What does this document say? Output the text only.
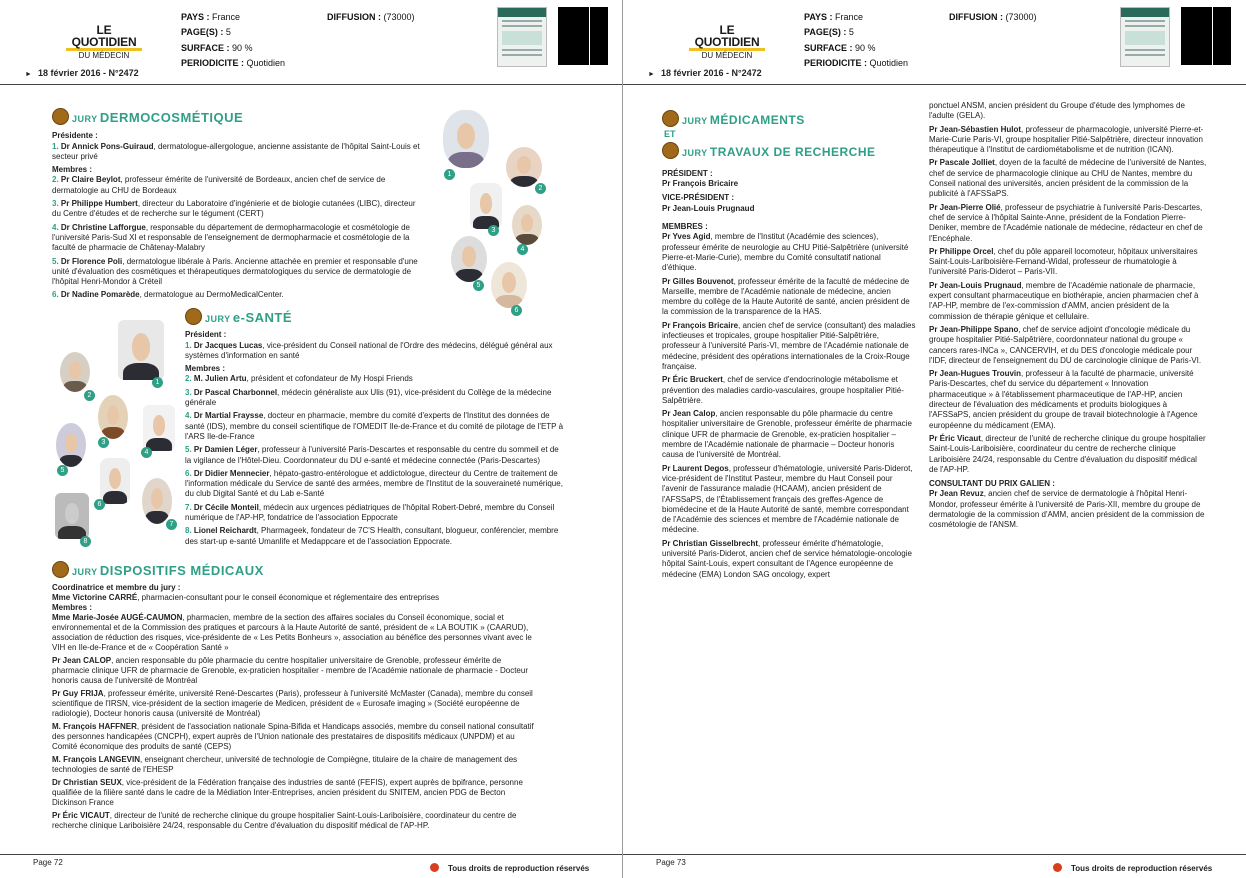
LE QUOTIDIEN
DU MÉDECIN
PAYS : France
PAGE(S) : 5
SURFACE : 90 %
PERIODICITE : Quotidien
DIFFUSION : (73000)
► 18 février 2016 - N°2472
JURY DERMOCOSMÉTIQUE

Présidente :
1. Dr Annick Pons-Guiraud, dermatologue-allergologue, ancienne assistante de l'hôpital Saint-Louis et secteur privé

Membres :

2. Pr Claire Beylot, professeur émérite de l'université de Bordeaux, ancien chef de service de dermatologie au CHU de Bordeaux

3. Pr Philippe Humbert, directeur du Laboratoire d'ingénierie et de biologie cutanées (LIBC), directeur du Centre d'études et de recherche sur le tégument (CERT)

4. Dr Christine Lafforgue, responsable du département de dermopharmacologie et cosmétologie de l'université Paris-Sud XI et responsable de l'enseignement de dermopharmacie et cosmétologie de la faculté de pharmacie de Châtenay-Malabry

5. Dr Florence Poli, dermatologue libérale à Paris. Ancienne attachée en premier et responsable d'une unité d'évaluation des cosmétiques et thérapeutiques dermatologiques du service de dermatologie de l'hôpital Henri-Mondor à Créteil

6. Dr Nadine Pomarède, dermatologue au DermoMedicalCenter.

1
2
3
4
5
6
JURY e-SANTÉ

Président :

1. Dr Jacques Lucas, vice-président du Conseil national de l'Ordre des médecins, délégué général aux systèmes d'information en santé

Membres :

2. M. Julien Artu, président et cofondateur de My Hospi Friends

3. Dr Pascal Charbonnel, médecin généraliste aux Ulis (91), vice-président du Collège de la médecine générale

4. Dr Martial Fraysse, docteur en pharmacie, membre du comité d'experts de l'Institut des données de santé (IDS), membre du conseil scientifique de l'OMEDIT Ile-de-France et du comité de pilotage de l'ETP à l'ARS Ile-de-France

5. Pr Damien Léger, professeur à l'université Paris-Descartes et responsable du centre du sommeil et de la vigilance de l'Hôtel-Dieu. Coordonnateur du DU e-santé et médecine connectée (Paris-Descartes)

6. Dr Didier Mennecier, hépato-gastro-entérologue et addictologue, directeur du Centre de traitement de l'information médicale du Service de santé des armées, membre de l'Institut de la souveraineté numérique, du club Digital Santé et du Lab e-Santé

7. Dr Cécile Monteil, médecin aux urgences pédiatriques de l'hôpital Robert-Debré, membre du Conseil numérique de l'AP-HP, fondatrice de l'association Eppocrate

8. Lionel Reichardt, Pharmageek, fondateur de 7C'S Health, consultant, blogueur, conférencier, membre des start-up e-santé Umanlife et Medappcare et de l'association Eppocrate.

1
2
3
4
5
6
7
8
JURY DISPOSITIFS MÉDICAUX

Coordinatrice et membre du jury :

Mme Victorine CARRÉ, pharmacien-consultant pour le conseil économique et réglementaire des entreprises

Membres :

Mme Marie-Josée AUGÉ-CAUMON, pharmacien, membre de la section des affaires sociales du Conseil économique, social et environnemental et de la Commission des pratiques et parcours à la Haute Autorité de santé, président de « LA BOUTIK » (CAARUD), association de réduction des risques, vice-présidente de « Les Petits Bonheurs », association au bénéfice des personnes vivant avec le VIH en Ile-de-France et de « Coopération Santé »

Pr Jean CALOP, ancien responsable du pôle pharmacie du centre hospitalier universitaire de Grenoble, professeur émérite de pharmacie clinique UFR de pharmacie de Grenoble, ex-praticien hospitalier - membre de l'Académie nationale de pharmacie - Docteur honoris causa de l'université de Montréal

Pr Guy FRIJA, professeur émérite, université René-Descartes (Paris), professeur à l'université McMaster (Canada), membre du conseil scientifique de l'IRSN, vice-président de la section imagerie de Medicen, président de « Eurosafe imaging » (Société européenne de radiologie), Docteur honoris causa (université de Montréal)

M. François HAFFNER, président de l'association nationale Spina-Bifida et Handicaps associés, membre du conseil national consultatif des personnes handicapées (CNCPH), expert auprès de l'Union nationale des prestataires de dispositifs médicaux (UNPDM) et au Comité économique des produits de santé (CEPS)

M. François LANGEVIN, enseignant chercheur, université de technologie de Compiègne, titulaire de la chaire de management des technologies de santé de l'EHESP

Dr Christian SEUX, vice-président de la Fédération française des industries de santé (FEFIS), expert auprès de bpifrance, personne qualifiée de la filière santé dans le cadre de la Médiation Inter-Entreprises, ancien président du SNITEM, ancien PDG de Becton Dickinson France

Pr Éric VICAUT, directeur de l'unité de recherche clinique du groupe hospitalier Saint-Louis-Lariboisière, coordinateur du centre de recherche clinique Lariboisière 24/24, responsable du Centre d'évaluation du dispositif médical de l'AP-HP.

Page 72
Tous droits de reproduction réservés
LE QUOTIDIEN
DU MÉDECIN
PAYS : France
PAGE(S) : 5
SURFACE : 90 %
PERIODICITE : Quotidien
DIFFUSION : (73000)
► 18 février 2016 - N°2472
JURY MÉDICAMENTS
ET
JURY TRAVAUX DE RECHERCHE

PRÉSIDENT :
Pr François Bricaire

VICE-PRÉSIDENT :
Pr Jean-Louis Prugnaud

MEMBRES :

Pr Yves Agid, membre de l'Institut (Académie des sciences), professeur émérite de neurologie au CHU Pitié-Salpêtrière (université Pierre-et-Marie-Curie), membre du Comité consultatif national d'éthique.

Pr Gilles Bouvenot, professeur émérite de la faculté de médecine de Marseille, membre de l'Académie nationale de médecine, ancien membre du collège de la Haute Autorité de santé, ancien président de la commission de la transparence de la HAS.

Pr François Bricaire, ancien chef de service (consultant) des maladies infectieuses et tropicales, groupe hospitalier Pitié-Salpêtrière, professeur à l'université Paris-VI, membre de l'Académie nationale de médecine, président des opérations internationales de la Croix-Rouge française.

Pr Éric Bruckert, chef de service d'endocrinologie métabolisme et prévention des maladies cardio-vasculaires, groupe hospitalier Pitié-Salpêtrière.

Pr Jean Calop, ancien responsable du pôle pharmacie du centre hospitalier universitaire de Grenoble, professeur émérite de pharmacie clinique UFR de pharmacie de Grenoble, ex-praticien hospitalier – membre de l'Académie nationale de pharmacie – Docteur honoris causa de l'université de Montréal.

Pr Laurent Degos, professeur d'hématologie, université Paris-Diderot, vice-président de l'Institut Pasteur, membre du Haut Conseil pour l'avenir de l'assurance maladie (HCAAM), ancien président de l'AFSSaPS, de l'Établissement français des greffes-Agence de biomédecine et de la Haute Autorité de santé, membre correspondant de l'Académie des sciences et membre de l'Académie nationale de médecine.

Pr Christian Gisselbrecht, professeur émérite d'hématologie, université Paris-Diderot, ancien chef de service hématologie-oncologie hôpital Saint-Louis, expert consultant de l'Agence européenne de médecine (EMA) London SAG oncology, expert

ponctuel ANSM, ancien président du Groupe d'étude des lymphomes de l'adulte (GELA).

Pr Jean-Sébastien Hulot, professeur de pharmacologie, université Pierre-et-Marie-Curie Paris-VI, groupe hospitalier Pitié-Salpêtrière, directeur innovation thérapeutique à l'Institut de cardiométabolisme et de nutrition (ICAN).

Pr Pascale Jolliet, doyen de la faculté de médecine de l'université de Nantes, chef de service de pharmacologie clinique au CHU de Nantes, membre du Conseil national des universités, ancien président de la commission de la publicité à l'AFSSaPS.

Pr Jean-Pierre Olié, professeur de psychiatrie à l'université Paris-Descartes, chef de service à l'hôpital Sainte-Anne, président de la Fondation Pierre-Deniker, membre de l'Académie nationale de médecine, rédacteur en chef de l'Encéphale.

Pr Philippe Orcel, chef du pôle appareil locomoteur, hôpitaux universitaires Saint-Louis-Lariboisière-Fernand-Widal, professeur de rhumatologie à l'université Paris-Diderot – Paris-VII.

Pr Jean-Louis Prugnaud, membre de l'Académie nationale de pharmacie, expert consultant pharmaceutique en biothérapie, ancien pharmacien chef à l'AP-HP, membre de l'ex-commission d'AMM, ancien président de la commission de thérapie génique et cellulaire.

Pr Jean-Philippe Spano, chef de service adjoint d'oncologie médicale du groupe hospitalier Pitié-Salpêtrière, coordonnateur national du groupe « cancers rares-INCa », CANCERVIH, et du DES d'oncologie médicale pour l'IDF, directeur de l'enseignement du DU de carcinologie clinique de Paris-VI.

Pr Jean-Hugues Trouvin, professeur à la faculté de pharmacie, université Paris-Descartes, chef du service du département « Innovation pharmaceutique » à l'établissement pharmaceutique de l'AP-HP, ancien directeur de l'évaluation des médicaments et produits biologiques à l'AFSSaPS, ancien président du groupe de travail biotechnologie à l'Agence européenne du médicament (EMA).

Pr Éric Vicaut, directeur de l'unité de recherche clinique du groupe hospitalier Saint-Louis-Lariboisière, coordinateur du centre de recherche clinique Lariboisière 24/24, responsable du Centre d'évaluation du dispositif médical de l'AP-HP.

CONSULTANT DU PRIX GALIEN :
Pr Jean Revuz, ancien chef de service de dermatologie à l'hôpital Henri-Mondor, professeur émérite à l'université de Paris-XII, membre du groupe de dermatologie de la commission d'AMM, ancien président de la commission de cosmétologie de l'ANSM.

Page 73
Tous droits de reproduction réservés
